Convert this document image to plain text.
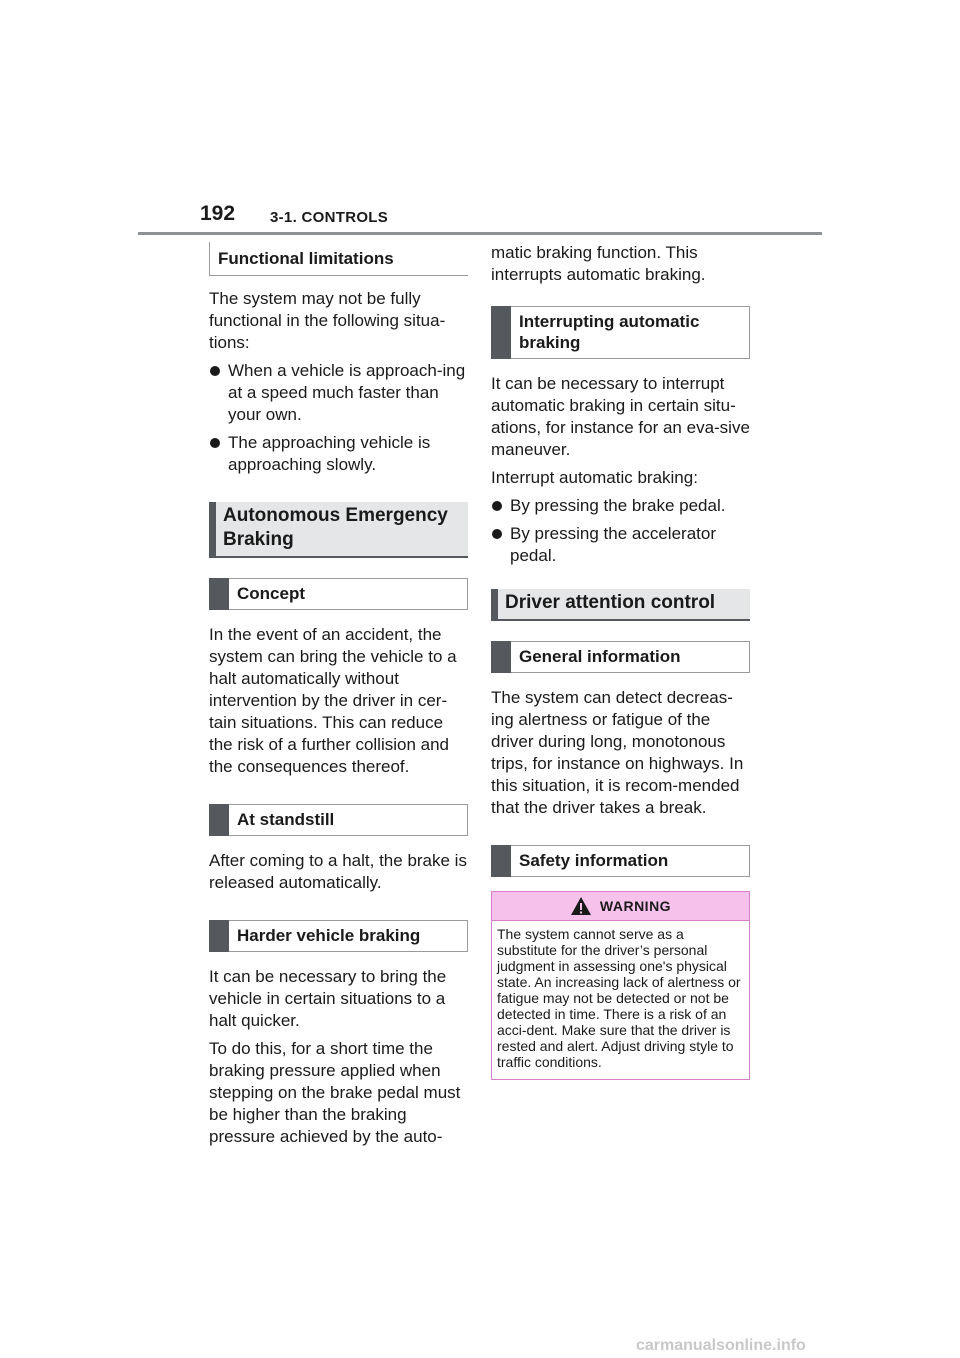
192 3-1. CONTROLS
Functional limitations

The system may not be fully functional in the following situa-tions:

When a vehicle is approach-ing at a speed much faster than your own.
The approaching vehicle is approaching slowly.
Autonomous Emergency Braking
Concept

In the event of an accident, the system can bring the vehicle to a halt automatically without intervention by the driver in cer-tain situations. This can reduce the risk of a further collision and the consequences thereof.

At standstill

After coming to a halt, the brake is released automatically.

Harder vehicle braking

It can be necessary to bring the vehicle in certain situations to a halt quicker.

To do this, for a short time the braking pressure applied when stepping on the brake pedal must be higher than the braking pressure achieved by the auto-

matic braking function. This interrupts automatic braking.

Interrupting automatic braking

It can be necessary to interrupt automatic braking in certain situ-ations, for instance for an eva-sive maneuver.

Interrupt automatic braking:

By pressing the brake pedal.
By pressing the accelerator pedal.
Driver attention control
General information

The system can detect decreas-ing alertness or fatigue of the driver during long, monotonous trips, for instance on highways. In this situation, it is recom-mended that the driver takes a break.

Safety information
WARNING
The system cannot serve as a substitute for the driver’s personal judgment in assessing one's physical state. An increasing lack of alertness or fatigue may not be detected or not be detected in time. There is a risk of an acci-dent. Make sure that the driver is rested and alert. Adjust driving style to traffic conditions.
carmanualsonline.info
